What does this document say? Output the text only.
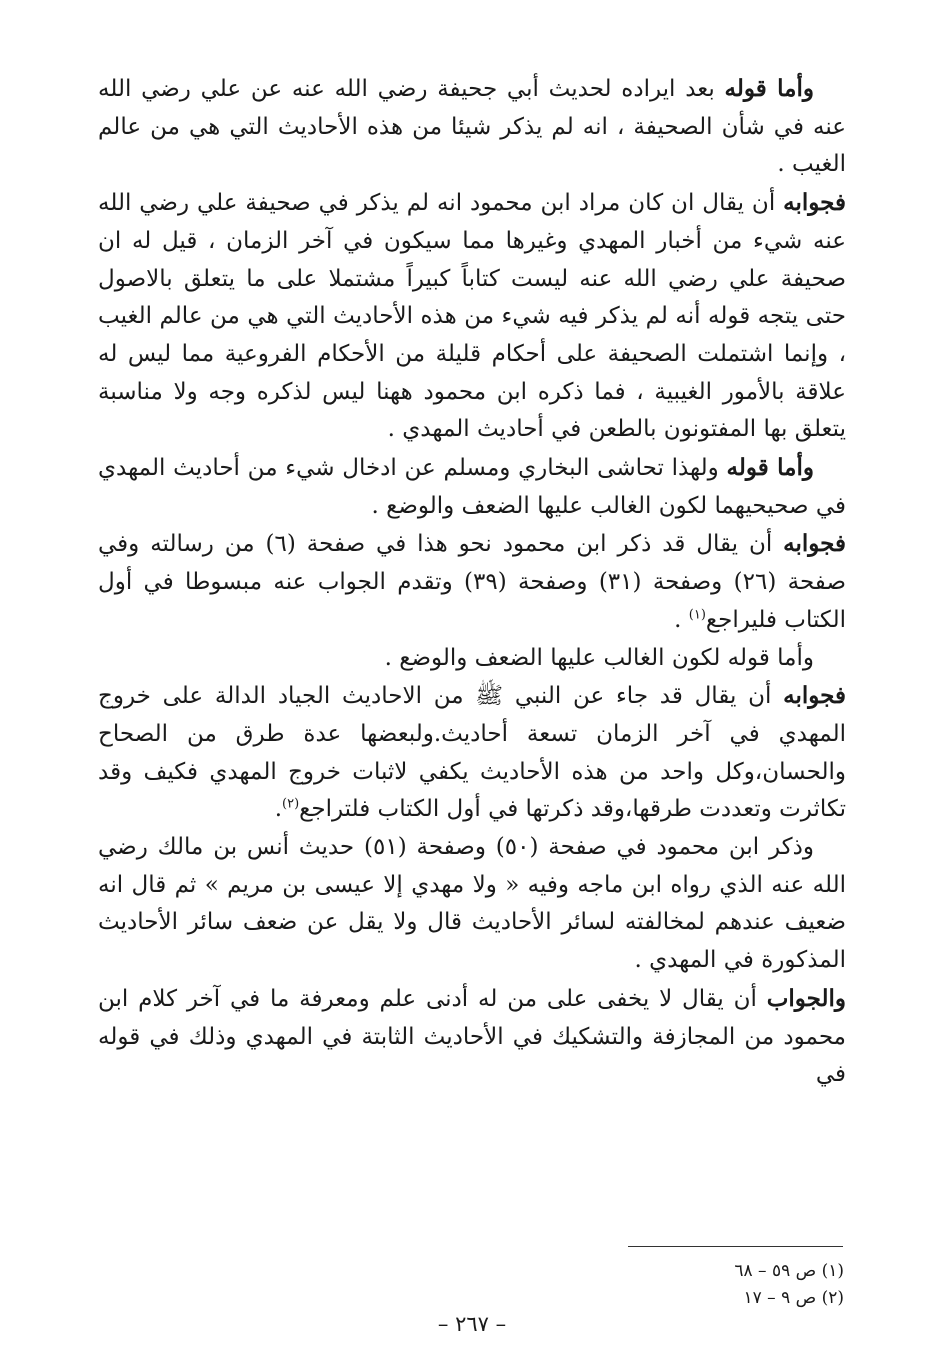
وأما قوله بعد ايراده لحديث أبي جحيفة رضي الله عنه عن علي رضي الله عنه في شأن الصحيفة ، انه لم يذكر شيئا من هذه الأحاديث التي هي من عالم الغيب .

فجوابه أن يقال ان كان مراد ابن محمود انه لم يذكر في صحيفة علي رضي الله عنه شيء من أخبار المهدي وغيرها مما سيكون في آخر الزمان ، قيل له ان صحيفة علي رضي الله عنه ليست كتاباً كبيراً مشتملا على ما يتعلق بالاصول حتى يتجه قوله أنه لم يذكر فيه شيء من هذه الأحاديث التي هي من عالم الغيب ، وإنما اشتملت الصحيفة على أحكام قليلة من الأحكام الفروعية مما ليس له علاقة بالأمور الغيبية ، فما ذكره ابن محمود ههنا ليس لذكره وجه ولا مناسبة يتعلق بها المفتونون بالطعن في أحاديث المهدي .

وأما قوله ولهذا تحاشى البخاري ومسلم عن ادخال شيء من أحاديث المهدي في صحيحيهما لكون الغالب عليها الضعف والوضع .

فجوابه أن يقال قد ذكر ابن محمود نحو هذا في صفحة (٦) من رسالته وفي صفحة (٢٦) وصفحة (٣١) وصفحة (٣٩) وتقدم الجواب عنه مبسوطا في أول الكتاب فليراجع$^{(١)}$ .

وأما قوله لكون الغالب عليها الضعف والوضع .

فجوابه أن يقال قد جاء عن النبي ﷺ من الاحاديث الجياد الدالة على خروج المهدي في آخر الزمان تسعة أحاديث.ولبعضها عدة طرق من الصحاح والحسان،وكل واحد من هذه الأحاديث يكفي لاثبات خروج المهدي فكيف وقد تكاثرت وتعددت طرقها،وقد ذكرتها في أول الكتاب فلتراجع$^{(٢)}$.

وذكر ابن محمود في صفحة (٥٠) وصفحة (٥١) حديث أنس بن مالك رضي الله عنه الذي رواه ابن ماجه وفيه « ولا مهدي إلا عيسى بن مريم » ثم قال انه ضعيف عندهم لمخالفته لسائر الأحاديث قال ولا يقل عن ضعف سائر الأحاديث المذكورة في المهدي .

والجواب أن يقال لا يخفى على من له أدنى علم ومعرفة ما في آخر كلام ابن محمود من المجازفة والتشكيك في الأحاديث الثابتة في المهدي وذلك في قوله في

(١) ص ٥٩ – ٦٨
(٢) ص ٩ – ١٧
– ٢٦٧ –
